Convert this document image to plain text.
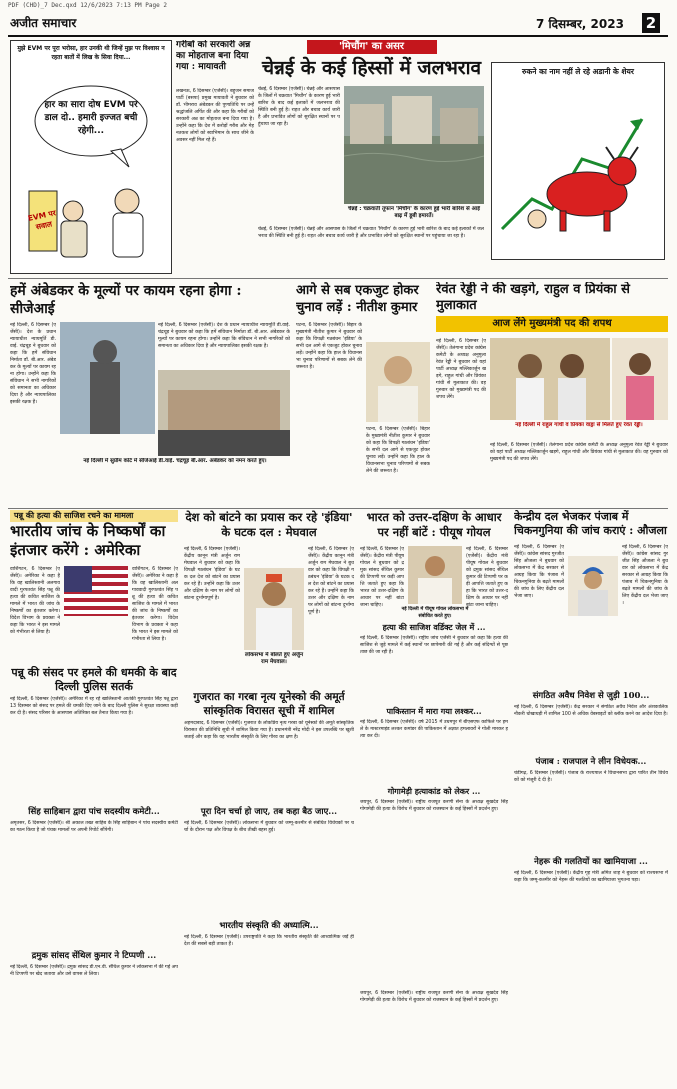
PDF (CHD)_7 Dec.qxd 12/6/2023 7:13 PM Page 2
अजीत समाचार	7 दिसम्बर, 2023 2
मुझे EVM पर पूरा भरोसा, हार उनकी थी जिन्हें मुझ पर विश्वास न रहता बातों में लिख के सिवा दिया...
हार का सारा दोष EVM पर डाल दो.. हमारी इज्जत बची रहेगी...
EVM पर सवाल
गरीबों को सरकारी अन्न का मोहताज बना दिया गया : मायावती
लखनऊ, 6 दिसम्बर (एजेंसी)। बहुजन समाज पार्टी (बसपा) प्रमुख मायावती ने बुधवार को डॉ. भीमराव अंबेडकर की पुण्यतिथि पर उन्हें श्रद्धांजलि अर्पित की और कहा कि गरीबों को सरकारी अन्न का मोहताज बना दिया गया है। उन्होंने कहा कि देश में करोड़ों गरीब और मेहनतकश लोगों को स्वाभिमान के साथ जीने के अवसर नहीं मिल रहे हैं।
'मिचौंग' का असर
चेन्नई के कई हिस्सों में जलभराव
चेन्नई, 6 दिसम्बर (एजेंसी)। चेन्नई और आसपास के जिलों में चक्रवात 'मिचौंग' के कारण हुई भारी बारिश के बाद कई इलाकों में जलभराव की स्थिति बनी हुई है। राहत और बचाव कार्य जारी है और प्रभावित लोगों को सुरक्षित स्थानों पर पहुंचाया जा रहा है।
चेन्नई : चक्रवाती तूफान 'मिचौंग' के कारण हुई भारी बारिश से आई बाढ़ में डूबी इमारतें।
चेन्नई, 6 दिसम्बर (एजेंसी)। चेन्नई और आसपास के जिलों में चक्रवात 'मिचौंग' के कारण हुई भारी बारिश के बाद कई इलाकों में जलभराव की स्थिति बनी हुई है। राहत और बचाव कार्य जारी है और प्रभावित लोगों को सुरक्षित स्थानों पर पहुंचाया जा रहा है।
रुकने का नाम नहीं ले रहे अडानी के शेयर
हमें अंबेडकर के मूल्यों पर कायम रहना होगा : सीजेआई
नई दिल्ली, 6 दिसम्बर (एजेंसी)। देश के प्रधान न्यायाधीश न्यायमूर्ति डी.वाई. चंद्रचूड़ ने बुधवार को कहा कि हमें संविधान निर्माता डॉ. बी.आर. अंबेडकर के मूल्यों पर कायम रहना होगा। उन्होंने कहा कि संविधान ने सभी नागरिकों को समानता का अधिकार दिया है और न्यायपालिका इसकी रक्षक है।
नई दिल्ली, 6 दिसम्बर (एजेंसी)। देश के प्रधान न्यायाधीश न्यायमूर्ति डी.वाई. चंद्रचूड़ ने बुधवार को कहा कि हमें संविधान निर्माता डॉ. बी.आर. अंबेडकर के मूल्यों पर कायम रहना होगा। उन्होंने कहा कि संविधान ने सभी नागरिकों को समानता का अधिकार दिया है और न्यायपालिका इसकी रक्षक है।
नई दिल्ली में सुप्रीम कोर्ट में सीजेआई डी.वाई. चंद्रचूड़ बी.आर. अंबेडकर को नमन करते हुए।
आगे से सब एकजुट होकर चुनाव लड़ें : नीतीश कुमार
पटना, 6 दिसम्बर (एजेंसी)। बिहार के मुख्यमंत्री नीतीश कुमार ने बुधवार को कहा कि विपक्षी गठबंधन 'इंडिया' के सभी दल आगे से एकजुट होकर चुनाव लड़ें। उन्होंने कहा कि हाल के विधानसभा चुनाव परिणामों से सबक लेने की जरूरत है।
पटना, 6 दिसम्बर (एजेंसी)। बिहार के मुख्यमंत्री नीतीश कुमार ने बुधवार को कहा कि विपक्षी गठबंधन 'इंडिया' के सभी दल आगे से एकजुट होकर चुनाव लड़ें। उन्होंने कहा कि हाल के विधानसभा चुनाव परिणामों से सबक लेने की जरूरत है।
रेवंत रेड्डी ने की खड़गे, राहुल व प्रियंका से मुलाकात
आज लेंगे मुख्यमंत्री पद की शपथ
नई दिल्ली, 6 दिसम्बर (एजेंसी)। तेलंगाना प्रदेश कांग्रेस कमेटी के अध्यक्ष अनुमुला रेवंत रेड्डी ने बुधवार को यहां पार्टी अध्यक्ष मल्लिकार्जुन खड़गे, राहुल गांधी और प्रियंका गांधी से मुलाकात की। वह गुरुवार को मुख्यमंत्री पद की शपथ लेंगे।
नई दिल्ली में राहुल गांधी व प्रियंका वाड्रा से मिलते हुए रेवंत रेड्डी।
नई दिल्ली, 6 दिसम्बर (एजेंसी)। तेलंगाना प्रदेश कांग्रेस कमेटी के अध्यक्ष अनुमुला रेवंत रेड्डी ने बुधवार को यहां पार्टी अध्यक्ष मल्लिकार्जुन खड़गे, राहुल गांधी और प्रियंका गांधी से मुलाकात की। वह गुरुवार को मुख्यमंत्री पद की शपथ लेंगे।
पन्नू की हत्या की साजिश रचने का मामला
भारतीय जांच के निष्कर्षों का इंतजार करेंगे : अमेरिका
वाशिंगटन, 6 दिसम्बर (एजेंसी)। अमेरिका ने कहा है कि वह खालिस्तानी अलगाववादी गुरपतवंत सिंह पन्नू की हत्या की कथित साजिश के मामले में भारत की जांच के निष्कर्षों का इंतजार करेगा। विदेश विभाग के प्रवक्ता ने कहा कि भारत ने इस मामले को गंभीरता से लिया है।
वाशिंगटन, 6 दिसम्बर (एजेंसी)। अमेरिका ने कहा है कि वह खालिस्तानी अलगाववादी गुरपतवंत सिंह पन्नू की हत्या की कथित साजिश के मामले में भारत की जांच के निष्कर्षों का इंतजार करेगा। विदेश विभाग के प्रवक्ता ने कहा कि भारत ने इस मामले को गंभीरता से लिया है।
पन्नू की संसद पर हमले की धमकी के बाद दिल्ली पुलिस सतर्क
नई दिल्ली, 6 दिसम्बर (एजेंसी)। अमेरिका में रह रहे खालिस्तानी आतंकी गुरपतवंत सिंह पन्नू द्वारा 13 दिसम्बर को संसद पर हमले की धमकी दिए जाने के बाद दिल्ली पुलिस ने सुरक्षा व्यवस्था कड़ी कर दी है। संसद परिसर के आसपास अतिरिक्त बल तैनात किया गया है।
देश को बांटने का प्रयास कर रहे 'इंडिया' के घटक दल : मेघवाल
नई दिल्ली, 6 दिसम्बर (एजेंसी)। केंद्रीय कानून मंत्री अर्जुन राम मेघवाल ने बुधवार को कहा कि विपक्षी गठबंधन 'इंडिया' के घटक दल देश को बांटने का प्रयास कर रहे हैं। उन्होंने कहा कि उत्तर और दक्षिण के नाम पर लोगों को बांटना दुर्भाग्यपूर्ण है।
लोकसभा में बोलते हुए अर्जुन राम मेघवाल।
नई दिल्ली, 6 दिसम्बर (एजेंसी)। केंद्रीय कानून मंत्री अर्जुन राम मेघवाल ने बुधवार को कहा कि विपक्षी गठबंधन 'इंडिया' के घटक दल देश को बांटने का प्रयास कर रहे हैं। उन्होंने कहा कि उत्तर और दक्षिण के नाम पर लोगों को बांटना दुर्भाग्यपूर्ण है।
भारत को उत्तर-दक्षिण के आधार पर नहीं बांटें : पीयूष गोयल
नई दिल्ली, 6 दिसम्बर (एजेंसी)। केंद्रीय मंत्री पीयूष गोयल ने बुधवार को द्रमुक सांसद सेंथिल कुमार की टिप्पणी पर कड़ी आपत्ति जताते हुए कहा कि भारत को उत्तर-दक्षिण के आधार पर नहीं बांटा जाना चाहिए।
नई दिल्ली में पीयूष गोयल लोकसभा में संबोधित करते हुए।
नई दिल्ली, 6 दिसम्बर (एजेंसी)। केंद्रीय मंत्री पीयूष गोयल ने बुधवार को द्रमुक सांसद सेंथिल कुमार की टिप्पणी पर कड़ी आपत्ति जताते हुए कहा कि भारत को उत्तर-दक्षिण के आधार पर नहीं बांटा जाना चाहिए।
केन्द्रीय दल भेजकर पंजाब में चिकनगुनिया की जांच कराएं : औजला
नई दिल्ली, 6 दिसम्बर (एजेंसी)। कांग्रेस सांसद गुरजीत सिंह औजला ने बुधवार को लोकसभा में केंद्र सरकार से आग्रह किया कि पंजाब में चिकनगुनिया के बढ़ते मामलों की जांच के लिए केंद्रीय दल भेजा जाए।
नई दिल्ली, 6 दिसम्बर (एजेंसी)। कांग्रेस सांसद गुरजीत सिंह औजला ने बुधवार को लोकसभा में केंद्र सरकार से आग्रह किया कि पंजाब में चिकनगुनिया के बढ़ते मामलों की जांच के लिए केंद्रीय दल भेजा जाए।
गुजरात का गरबा नृत्य यूनेस्को की अमूर्त सांस्कृतिक विरासत सूची में शामिल
अहमदाबाद, 6 दिसम्बर (एजेंसी)। गुजरात के लोकप्रिय नृत्य गरबा को यूनेस्को की अमूर्त सांस्कृतिक विरासत की प्रतिनिधि सूची में शामिल किया गया है। प्रधानमंत्री नरेंद्र मोदी ने इस उपलब्धि पर खुशी जताई और कहा कि यह भारतीय संस्कृति के लिए गौरव का क्षण है।
हत्या की साजिश वर्डिक्ट जेल में ...
नई दिल्ली, 6 दिसम्बर (एजेंसी)। राष्ट्रीय जांच एजेंसी ने बुधवार को कहा कि हत्या की साजिश से जुड़े मामले में कई स्थानों पर छापेमारी की गई है और कई संदिग्धों से पूछताछ की जा रही है।
संगठित अवैध निवेश से जुड़ी 100...
नई दिल्ली, 6 दिसम्बर (एजेंसी)। केंद्र सरकार ने संगठित अवैध निवेश और अंशकालिक नौकरी धोखाधड़ी में शामिल 100 से अधिक वेबसाइटों को ब्लॉक करने का आदेश दिया है।
पंजाब : राजपाल ने लीन विधेयक...
चंडीगढ़, 6 दिसम्बर (एजेंसी)। पंजाब के राज्यपाल ने विधानसभा द्वारा पारित तीन विधेयकों को मंजूरी दे दी है।
पाकिस्तान में मारा गया लश्कर...
नई दिल्ली, 6 दिसम्बर (एजेंसी)। वर्ष 2015 में उधमपुर में बीएसएफ काफिले पर हमले के मास्टरमाइंड लश्कर कमांडर की पाकिस्तान में अज्ञात हमलावरों ने गोली मारकर हत्या कर दी।
सिंह साहिबान द्वारा पांच सदस्यीय कमेटी...
अमृतसर, 6 दिसम्बर (एजेंसी)। श्री अकाल तख्त साहिब के सिंह साहिबान ने पांच सदस्यीय कमेटी का गठन किया है जो पंथक मामलों पर अपनी रिपोर्ट सौंपेगी।
गोगामेड़ी हत्याकांड को लेकर ...
जयपुर, 6 दिसम्बर (एजेंसी)। राष्ट्रीय राजपूत करणी सेना के अध्यक्ष सुखदेव सिंह गोगामेड़ी की हत्या के विरोध में बुधवार को राजस्थान के कई हिस्सों में प्रदर्शन हुए।
पूरा दिन चर्चा हो जाए, तब कहा बैठ जाए...
नई दिल्ली, 6 दिसम्बर (एजेंसी)। लोकसभा में बुधवार को जम्मू-कश्मीर से संबंधित विधेयकों पर चर्चा के दौरान पक्ष और विपक्ष के बीच तीखी बहस हुई।
नेहरू की गलतियों का खामियाजा ...
नई दिल्ली, 6 दिसम्बर (एजेंसी)। केंद्रीय गृह मंत्री अमित शाह ने बुधवार को राज्यसभा में कहा कि जम्मू-कश्मीर को नेहरू की गलतियों का खामियाजा भुगतना पड़ा।
भारतीय संस्कृति की अध्यात्मि...
नई दिल्ली, 6 दिसम्बर (एजेंसी)। उपराष्ट्रपति ने कहा कि भारतीय संस्कृति की आध्यात्मिक जड़ें ही देश की सबसे बड़ी ताकत हैं।
द्रमुक सांसद सेंथिल कुमार ने टिप्पणी ...
नई दिल्ली, 6 दिसम्बर (एजेंसी)। द्रमुक सांसद डी.एन.वी. सेंथिल कुमार ने लोकसभा में की गई अपनी टिप्पणी पर खेद जताया और उसे वापस ले लिया।
जयपुर, 6 दिसम्बर (एजेंसी)। राष्ट्रीय राजपूत करणी सेना के अध्यक्ष सुखदेव सिंह गोगामेड़ी की हत्या के विरोध में बुधवार को राजस्थान के कई हिस्सों में प्रदर्शन हुए।
